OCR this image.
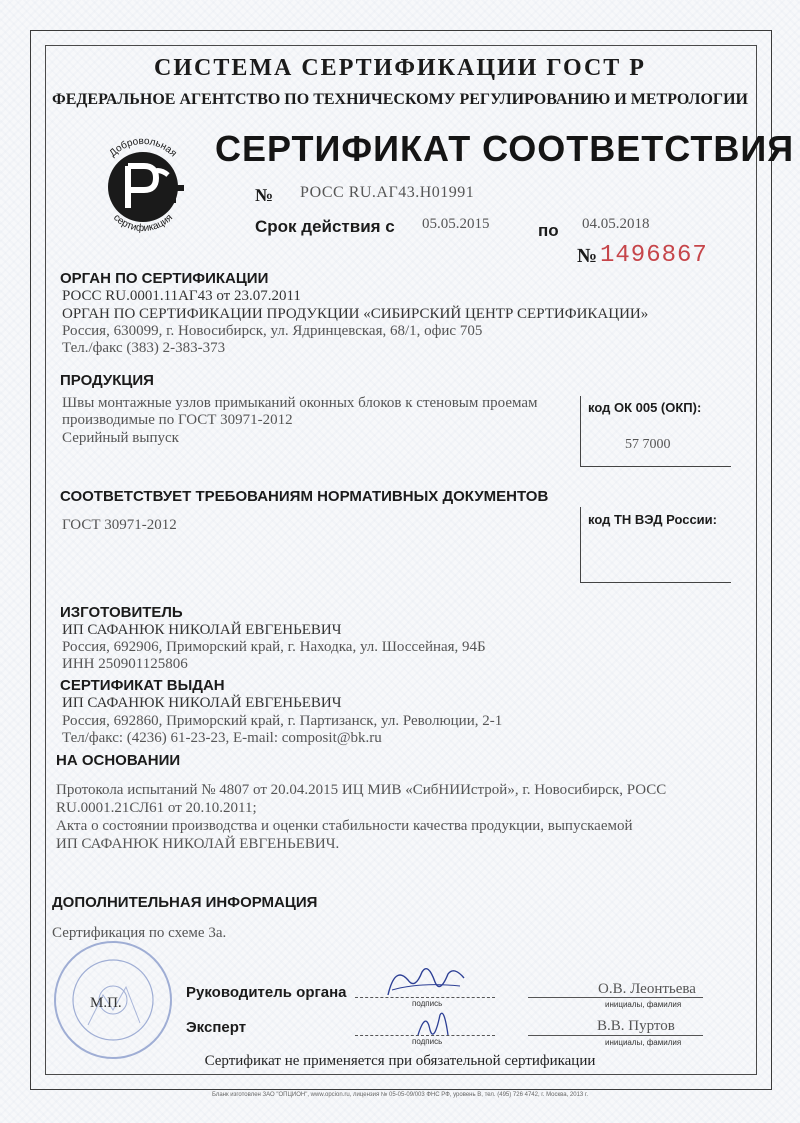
СИСТЕМА СЕРТИФИКАЦИИ ГОСТ Р
ФЕДЕРАЛЬНОЕ АГЕНТСТВО ПО ТЕХНИЧЕСКОМУ РЕГУЛИРОВАНИЮ И МЕТРОЛОГИИ
Добровольная
сертификация
СЕРТИФИКАТ СООТВЕТСТВИЯ
№ РОСС RU.АГ43.Н01991
Срок действия с 05.05.2015	по 04.05.2018
№ 1496867
ОРГАН ПО СЕРТИФИКАЦИИ
РОСС RU.0001.11АГ43 от 23.07.2011
ОРГАН ПО СЕРТИФИКАЦИИ ПРОДУКЦИИ «СИБИРСКИЙ ЦЕНТР СЕРТИФИКАЦИИ»
Россия, 630099, г. Новосибирск, ул. Ядринцевская, 68/1, офис 705
Тел./факс (383) 2-383-373
ПРОДУКЦИЯ
Швы монтажные узлов примыканий оконных блоков к стеновым проемам
производимые по ГОСТ 30971-2012
Серийный выпуск
код ОК 005 (ОКП):
57 7000
СООТВЕТСТВУЕТ ТРЕБОВАНИЯМ НОРМАТИВНЫХ ДОКУМЕНТОВ
ГОСТ 30971-2012	код ТН ВЭД России:
ИЗГОТОВИТЕЛЬ
ИП САФАНЮК НИКОЛАЙ ЕВГЕНЬЕВИЧ
Россия, 692906, Приморский край, г. Находка, ул. Шоссейная, 94Б
ИНН 250901125806
СЕРТИФИКАТ ВЫДАН
ИП САФАНЮК НИКОЛАЙ ЕВГЕНЬЕВИЧ
Россия, 692860, Приморский край, г. Партизанск, ул. Революции, 2-1
Тел/факс: (4236) 61-23-23, E-mail: composit@bk.ru
НА ОСНОВАНИИ
Протокола испытаний № 4807 от 20.04.2015 ИЦ МИВ «СибНИИстрой», г. Новосибирск, РОСС
RU.0001.21СЛ61 от 20.10.2011;
Акта о состоянии производства и оценки стабильности качества продукции, выпускаемой
ИП САФАНЮК НИКОЛАЙ ЕВГЕНЬЕВИЧ.
ДОПОЛНИТЕЛЬНАЯ ИНФОРМАЦИЯ
Сертификация по схеме 3а.
М.П.
Руководитель органа
подпись
О.В. Леонтьева
инициалы, фамилия
Эксперт
подпись
В.В. Пуртов
инициалы, фамилия
Сертификат не применяется при обязательной сертификации
Бланк изготовлен ЗАО "ОПЦИОН", www.opcion.ru, лицензия № 05-05-09/003 ФНС РФ, уровень B, тел. (495) 726 4742, г. Москва, 2013 г.
